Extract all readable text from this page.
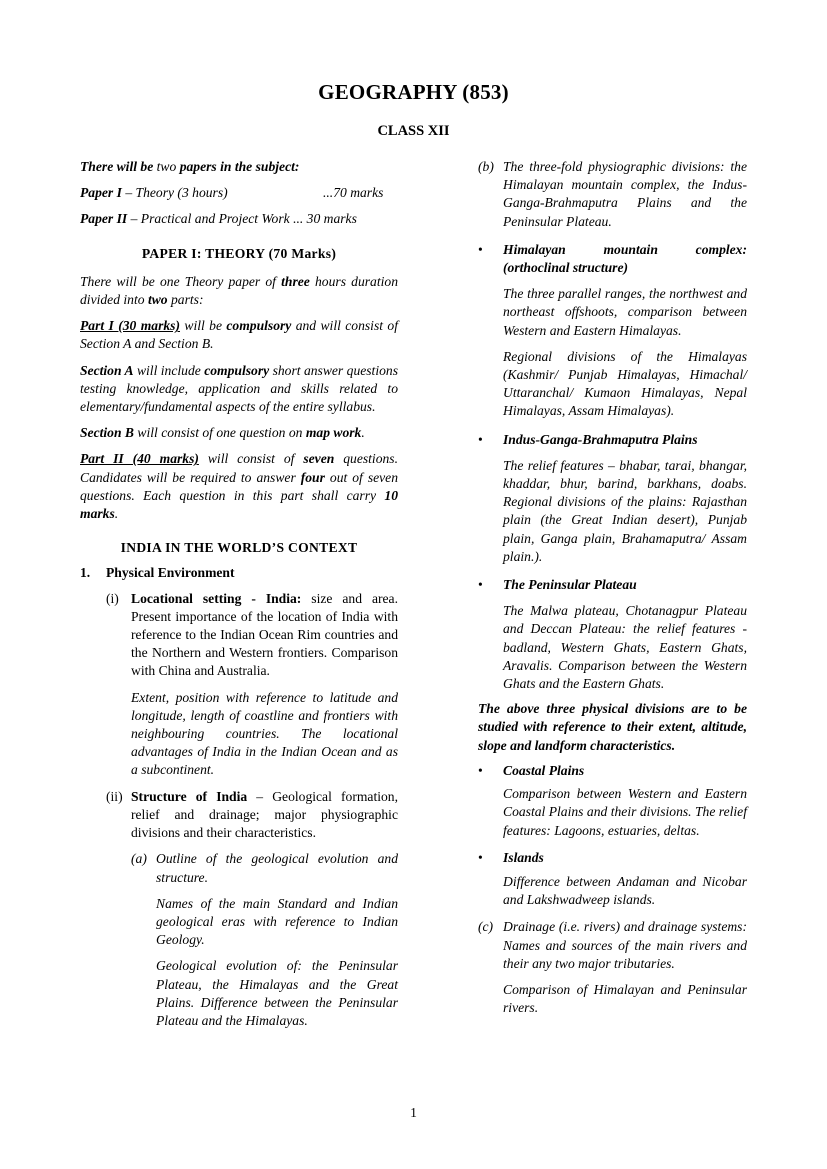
GEOGRAPHY (853)
CLASS XII

There will be two papers in the subject:

Paper I – Theory (3 hours)	...70 marks

Paper II – Practical and Project Work ... 30 marks

PAPER I: THEORY (70 Marks)

There will be one Theory paper of three hours duration divided into two parts:

Part I (30 marks) will be compulsory and will consist of Section A and Section B.

Section A will include compulsory short answer questions testing knowledge, application and skills related to elementary/fundamental aspects of the entire syllabus.

Section B will consist of one question on map work.

Part II (40 marks) will consist of seven questions. Candidates will be required to answer four out of seven questions. Each question in this part shall carry 10 marks.

INDIA IN THE WORLD’S CONTEXT

1. Physical Environment
(i) Locational setting - India: size and area. Present importance of the location of India with reference to the Indian Ocean Rim countries and the Northern and Western frontiers. Comparison with China and Australia.

Extent, position with reference to latitude and longitude, length of coastline and frontiers with neighbouring countries. The locational advantages of India in the Indian Ocean and as a subcontinent.

(ii) Structure of India – Geological formation, relief and drainage; major physiographic divisions and their characteristics.

(a) Outline of the geological evolution and structure.

Names of the main Standard and Indian geological eras with reference to Indian Geology.

Geological evolution of: the Peninsular Plateau, the Himalayas and the Great Plains. Difference between the Peninsular Plateau and the Himalayas.

(b) The three-fold physiographic divisions: the Himalayan mountain complex, the Indus-Ganga-Brahmaputra Plains and the Peninsular Plateau.

• Himalayan mountain complex: (orthoclinal structure)

The three parallel ranges, the northwest and northeast offshoots, comparison between Western and Eastern Himalayas.

Regional divisions of the Himalayas (Kashmir/ Punjab Himalayas, Himachal/ Uttaranchal/ Kumaon Himalayas, Nepal Himalayas, Assam Himalayas).

• Indus-Ganga-Brahmaputra Plains

The relief features – bhabar, tarai, bhangar, khaddar, bhur, barind, barkhans, doabs. Regional divisions of the plains: Rajasthan plain (the Great Indian desert), Punjab plain, Ganga plain, Brahamaputra/ Assam plain.).

• The Peninsular Plateau

The Malwa plateau, Chotanagpur Plateau and Deccan Plateau: the relief features - badland, Western Ghats, Eastern Ghats, Aravalis. Comparison between the Western Ghats and the Eastern Ghats.

The above three physical divisions are to be studied with reference to their extent, altitude, slope and landform characteristics.

• Coastal Plains

Comparison between Western and Eastern Coastal Plains and their divisions. The relief features: Lagoons, estuaries, deltas.

• Islands

Difference between Andaman and Nicobar and Lakshwadweep islands.

(c) Drainage (i.e. rivers) and drainage systems: Names and sources of the main rivers and their any two major tributaries.

Comparison of Himalayan and Peninsular rivers.

1
